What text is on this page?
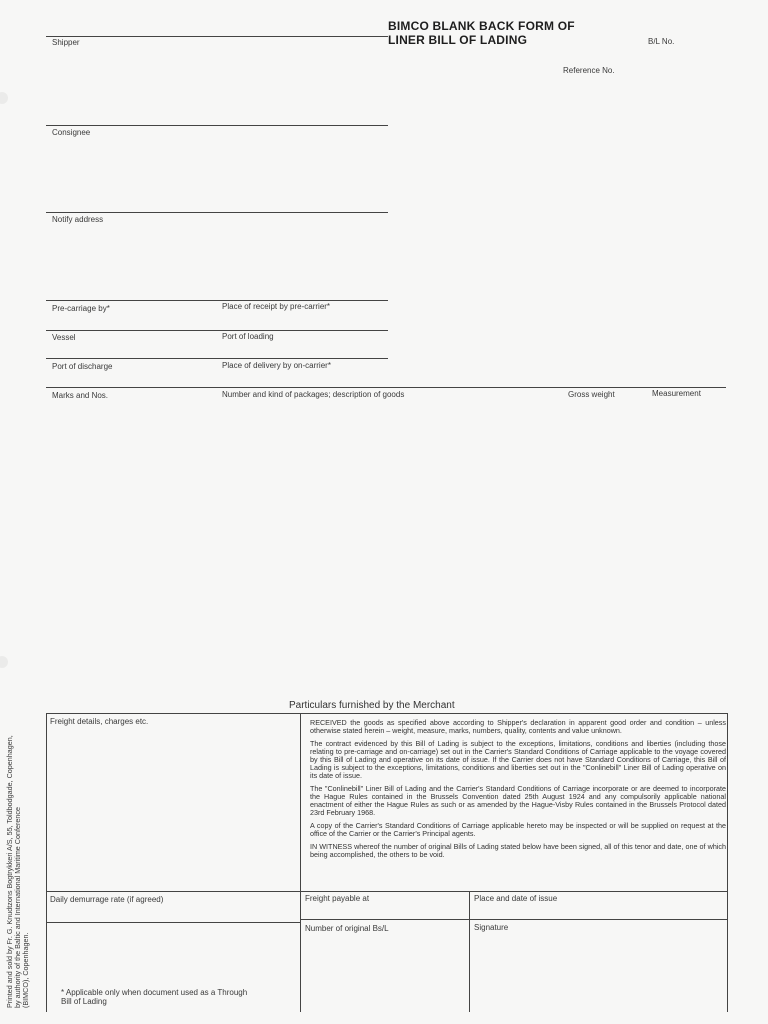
BIMCO BLANK BACK FORM OF
LINER BILL OF LADING	B/L No.
Reference No.
Shipper
Consignee
Notify address
Pre-carriage by*	Place of receipt by pre-carrier*
Vessel	Port of loading
Port of discharge	Place of delivery by on-carrier*
Marks and Nos.	Number and kind of packages; description of goods	Gross weight	Measurement
Particulars furnished by the Merchant
Freight details, charges etc.
Daily demurrage rate (if agreed)	Freight payable at	Place and date of issue
Number of original Bs/L	Signature
* Applicable only when document used as a Through
Bill of Lading

RECEIVED the goods as specified above according to Shipper's declaration in apparent good order and condition – unless otherwise stated herein – weight, measure, marks, numbers, quality, contents and value unknown.

The contract evidenced by this Bill of Lading is subject to the exceptions, limitations, conditions and liberties (including those relating to pre-carriage and on-carriage) set out in the Carrier's Standard Conditions of Carriage applicable to the voyage covered by this Bill of Lading and operative on its date of issue. If the Carrier does not have Standard Conditions of Carriage, this Bill of Lading is subject to the exceptions, limitations, conditions and liberties set out in the "Conlinebill" Liner Bill of Lading operative on its date of issue.

The "Conlinebill" Liner Bill of Lading and the Carrier's Standard Conditions of Carriage incorporate or are deemed to incorporate the Hague Rules contained in the Brussels Convention dated 25th August 1924 and any compulsorily applicable national enactment of either the Hague Rules as such or as amended by the Hague-Visby Rules contained in the Brussels Protocol dated 23rd February 1968.

A copy of the Carrier's Standard Conditions of Carriage applicable hereto may be inspected or will be supplied on request at the office of the Carrier or the Carrier's Principal agents.

IN WITNESS whereof the number of original Bills of Lading stated below have been signed, all of this tenor and date, one of which being accomplished, the others to be void.

Printed and sold by Fr. G. Knudtzons Bogtrykkeri A/S, 55, Toldbodgade, Copenhagen, by authority of the Baltic and International Maritime Conference (BIMCO), Copenhagen.
